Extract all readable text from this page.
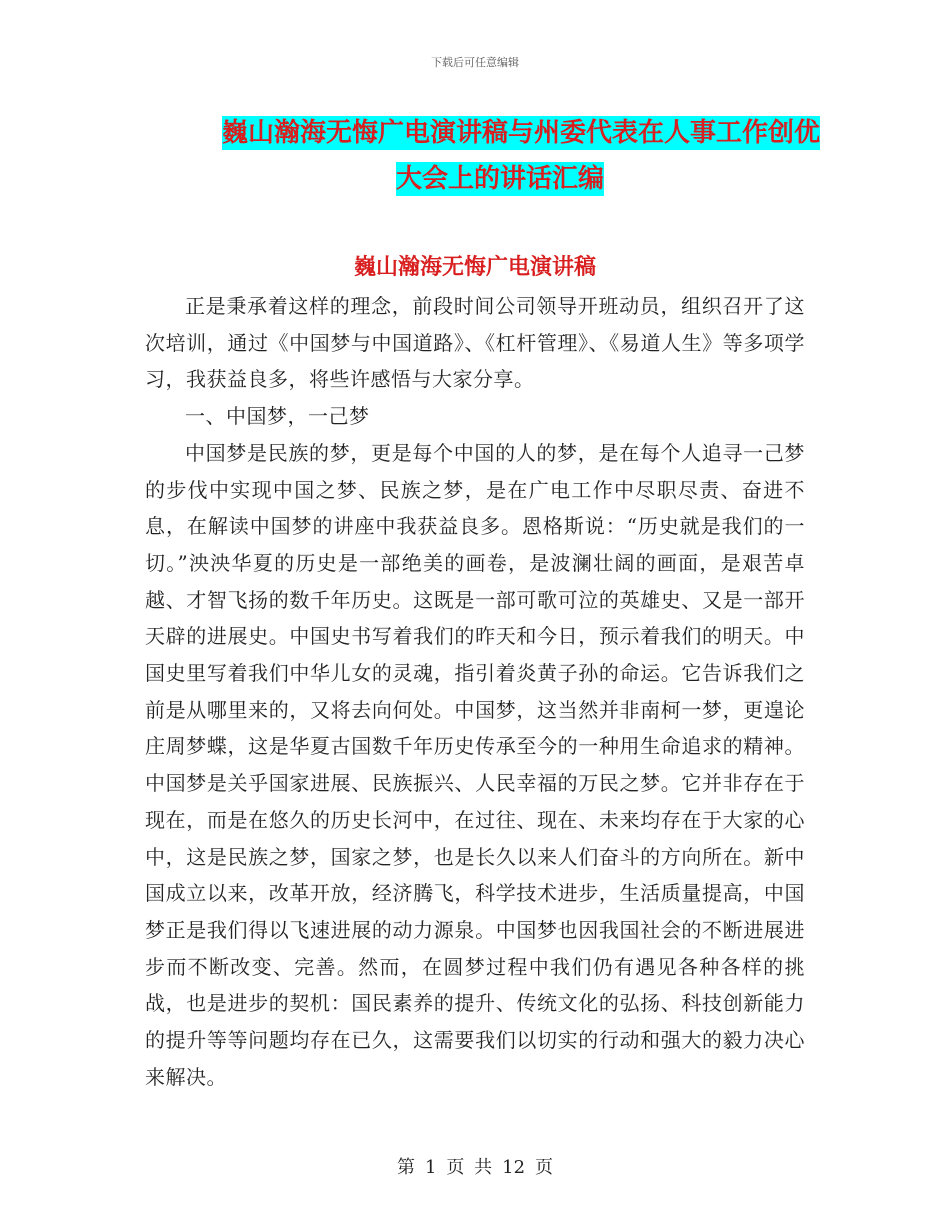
下载后可任意编辑
巍山瀚海无悔广电演讲稿与州委代表在人事工作创优
大会上的讲话汇编
巍山瀚海无悔广电演讲稿

正是秉承着这样的理念，前段时间公司领导开班动员，组织召开了这次培训，通过《中国梦与中国道路》、《杠杆管理》、《易道人生》等多项学习，我获益良多，将些许感悟与大家分享。

一、中国梦，一己梦

中国梦是民族的梦，更是每个中国的人的梦，是在每个人追寻一己梦的步伐中实现中国之梦、民族之梦，是在广电工作中尽职尽责、奋进不息，在解读中国梦的讲座中我获益良多。恩格斯说：“历史就是我们的一切。”泱泱华夏的历史是一部绝美的画卷，是波澜壮阔的画面，是艰苦卓越、才智飞扬的数千年历史。这既是一部可歌可泣的英雄史、又是一部开天辟的进展史。中国史书写着我们的昨天和今日，预示着我们的明天。中国史里写着我们中华儿女的灵魂，指引着炎黄子孙的命运。它告诉我们之前是从哪里来的，又将去向何处。中国梦，这当然并非南柯一梦，更遑论庄周梦蝶，这是华夏古国数千年历史传承至今的一种用生命追求的精神。中国梦是关乎国家进展、民族振兴、人民幸福的万民之梦。它并非存在于现在，而是在悠久的历史长河中，在过往、现在、未来均存在于大家的心中，这是民族之梦，国家之梦，也是长久以来人们奋斗的方向所在。新中国成立以来，改革开放，经济腾飞，科学技术进步，生活质量提高，中国梦正是我们得以飞速进展的动力源泉。中国梦也因我国社会的不断进展进步而不断改变、完善。然而，在圆梦过程中我们仍有遇见各种各样的挑战，也是进步的契机：国民素养的提升、传统文化的弘扬、科技创新能力的提升等等问题均存在已久，这需要我们以切实的行动和强大的毅力决心来解决。

第 1 页 共 12 页
